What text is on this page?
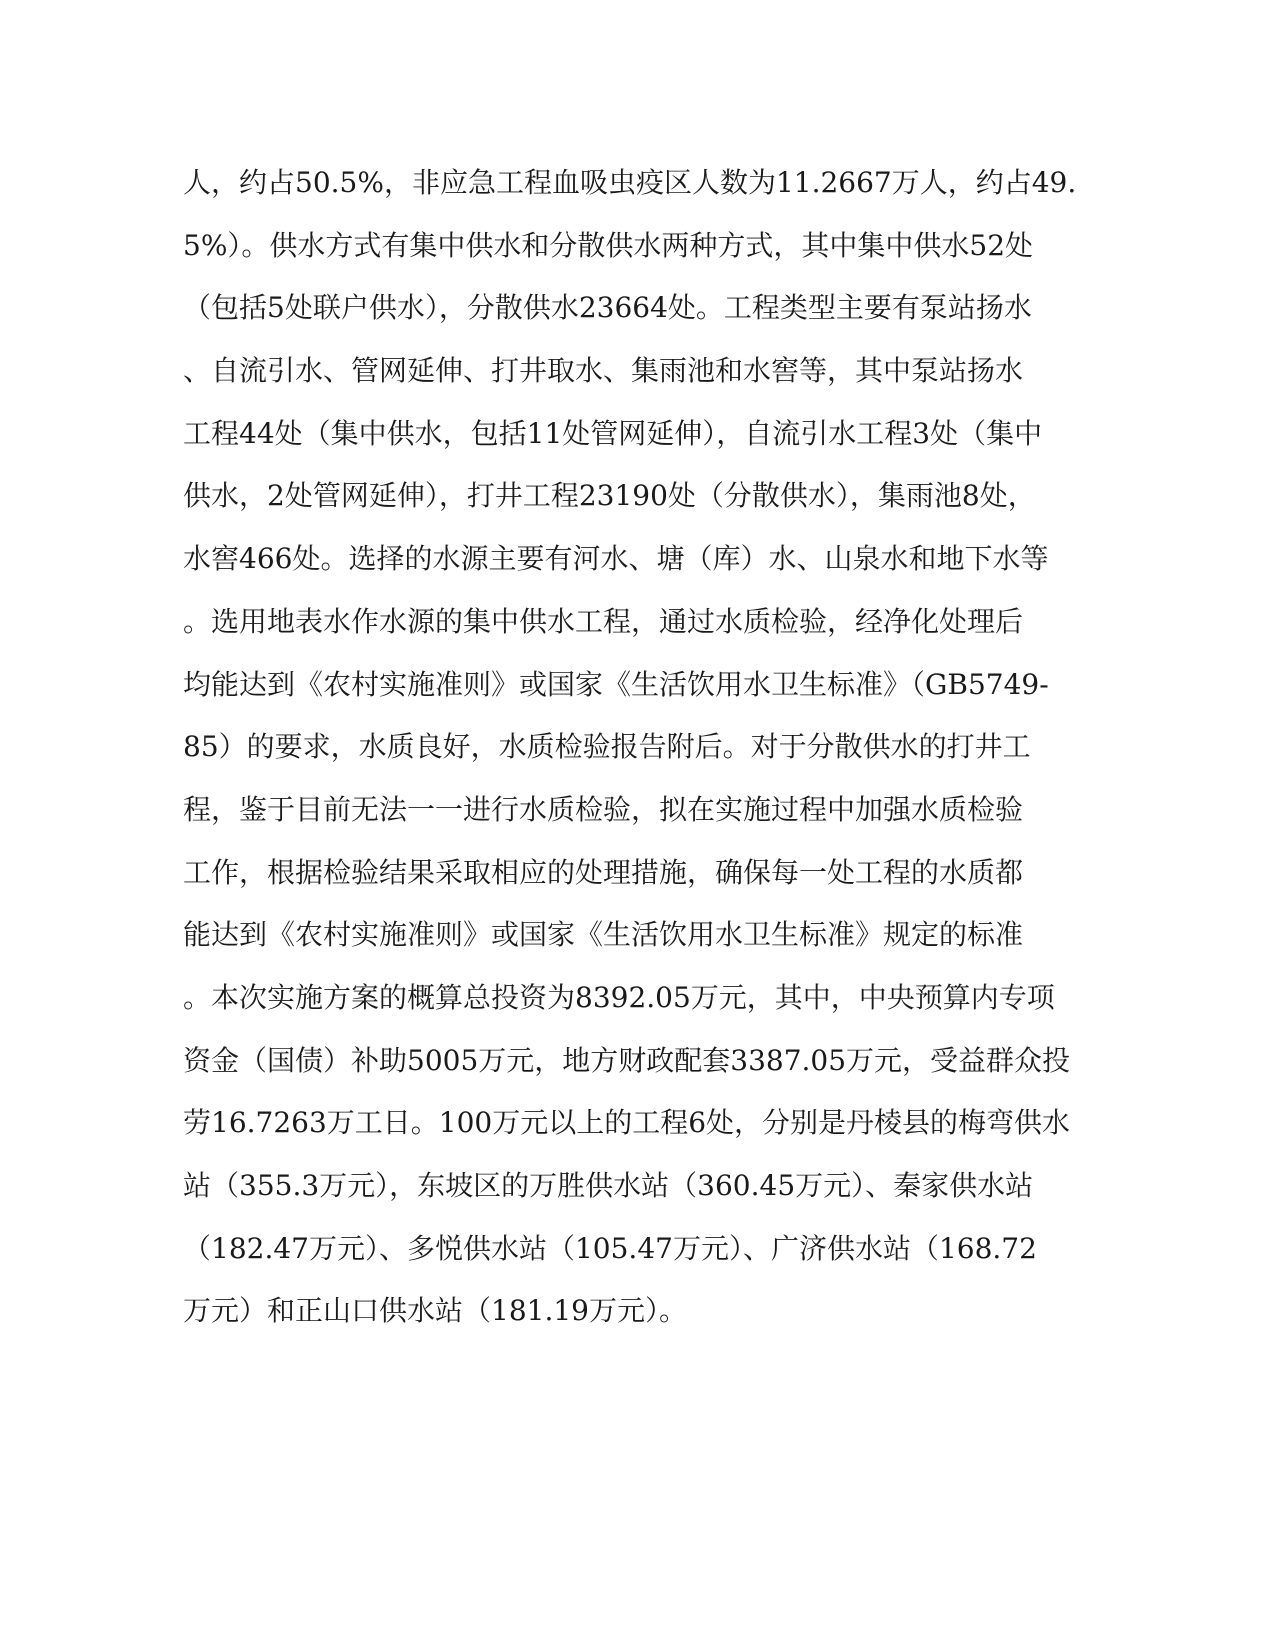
人，约占50.5%，非应急工程血吸虫疫区人数为11.2667万人，约占49.
5%）。供水方式有集中供水和分散供水两种方式，其中集中供水52处
（包括5处联户供水），分散供水23664处。工程类型主要有泵站扬水
、自流引水、管网延伸、打井取水、集雨池和水窖等，其中泵站扬水
工程44处（集中供水，包括11处管网延伸），自流引水工程3处（集中
供水，2处管网延伸），打井工程23190处（分散供水），集雨池8处，
水窖466处。选择的水源主要有河水、塘（库）水、山泉水和地下水等
。选用地表水作水源的集中供水工程，通过水质检验，经净化处理后
均能达到《农村实施准则》或国家《生活饮用水卫生标准》（GB5749-
85）的要求，水质良好，水质检验报告附后。对于分散供水的打井工
程，鉴于目前无法一一进行水质检验，拟在实施过程中加强水质检验
工作，根据检验结果采取相应的处理措施，确保每一处工程的水质都
能达到《农村实施准则》或国家《生活饮用水卫生标准》规定的标准
。本次实施方案的概算总投资为8392.05万元，其中，中央预算内专项
资金（国债）补助5005万元，地方财政配套3387.05万元，受益群众投
劳16.7263万工日。100万元以上的工程6处，分别是丹棱县的梅弯供水
站（355.3万元），东坡区的万胜供水站（360.45万元）、秦家供水站
（182.47万元）、多悦供水站（105.47万元）、广济供水站（168.72
万元）和正山口供水站（181.19万元）。
